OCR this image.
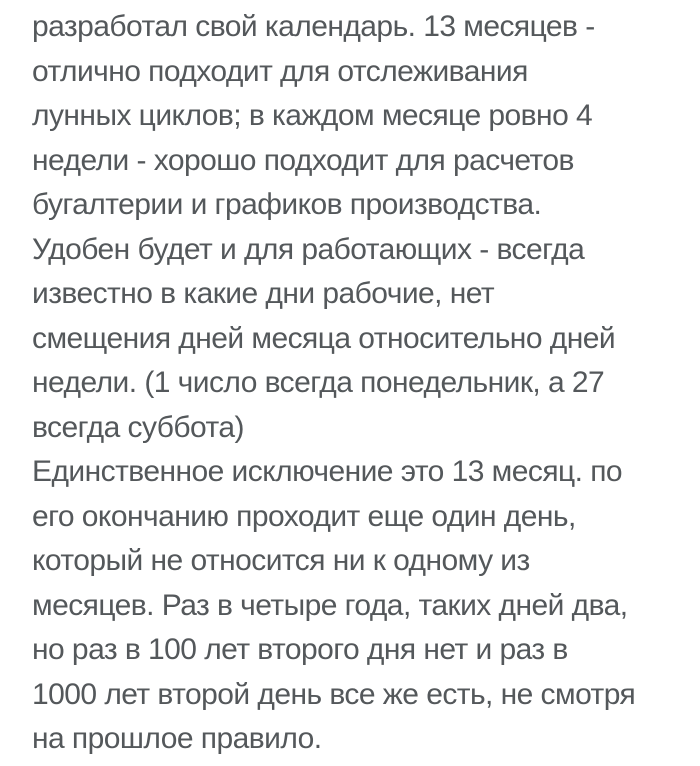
разработал свой календарь. 13 месяцев -
отлично подходит для отслеживания
лунных циклов; в каждом месяце ровно 4
недели - хорошо подходит для расчетов
бугалтерии и графиков производства.
Удобен будет и для работающих - всегда
известно в какие дни рабочие, нет
смещения дней месяца относительно дней
недели. (1 число всегда понедельник, а 27
всегда суббота)
Единственное исключение это 13 месяц. по
его окончанию проходит еще один день,
который не относится ни к одному из
месяцев. Раз в четыре года, таких дней два,
но раз в 100 лет второго дня нет и раз в
1000 лет второй день все же есть, не смотря
на прошлое правило.
